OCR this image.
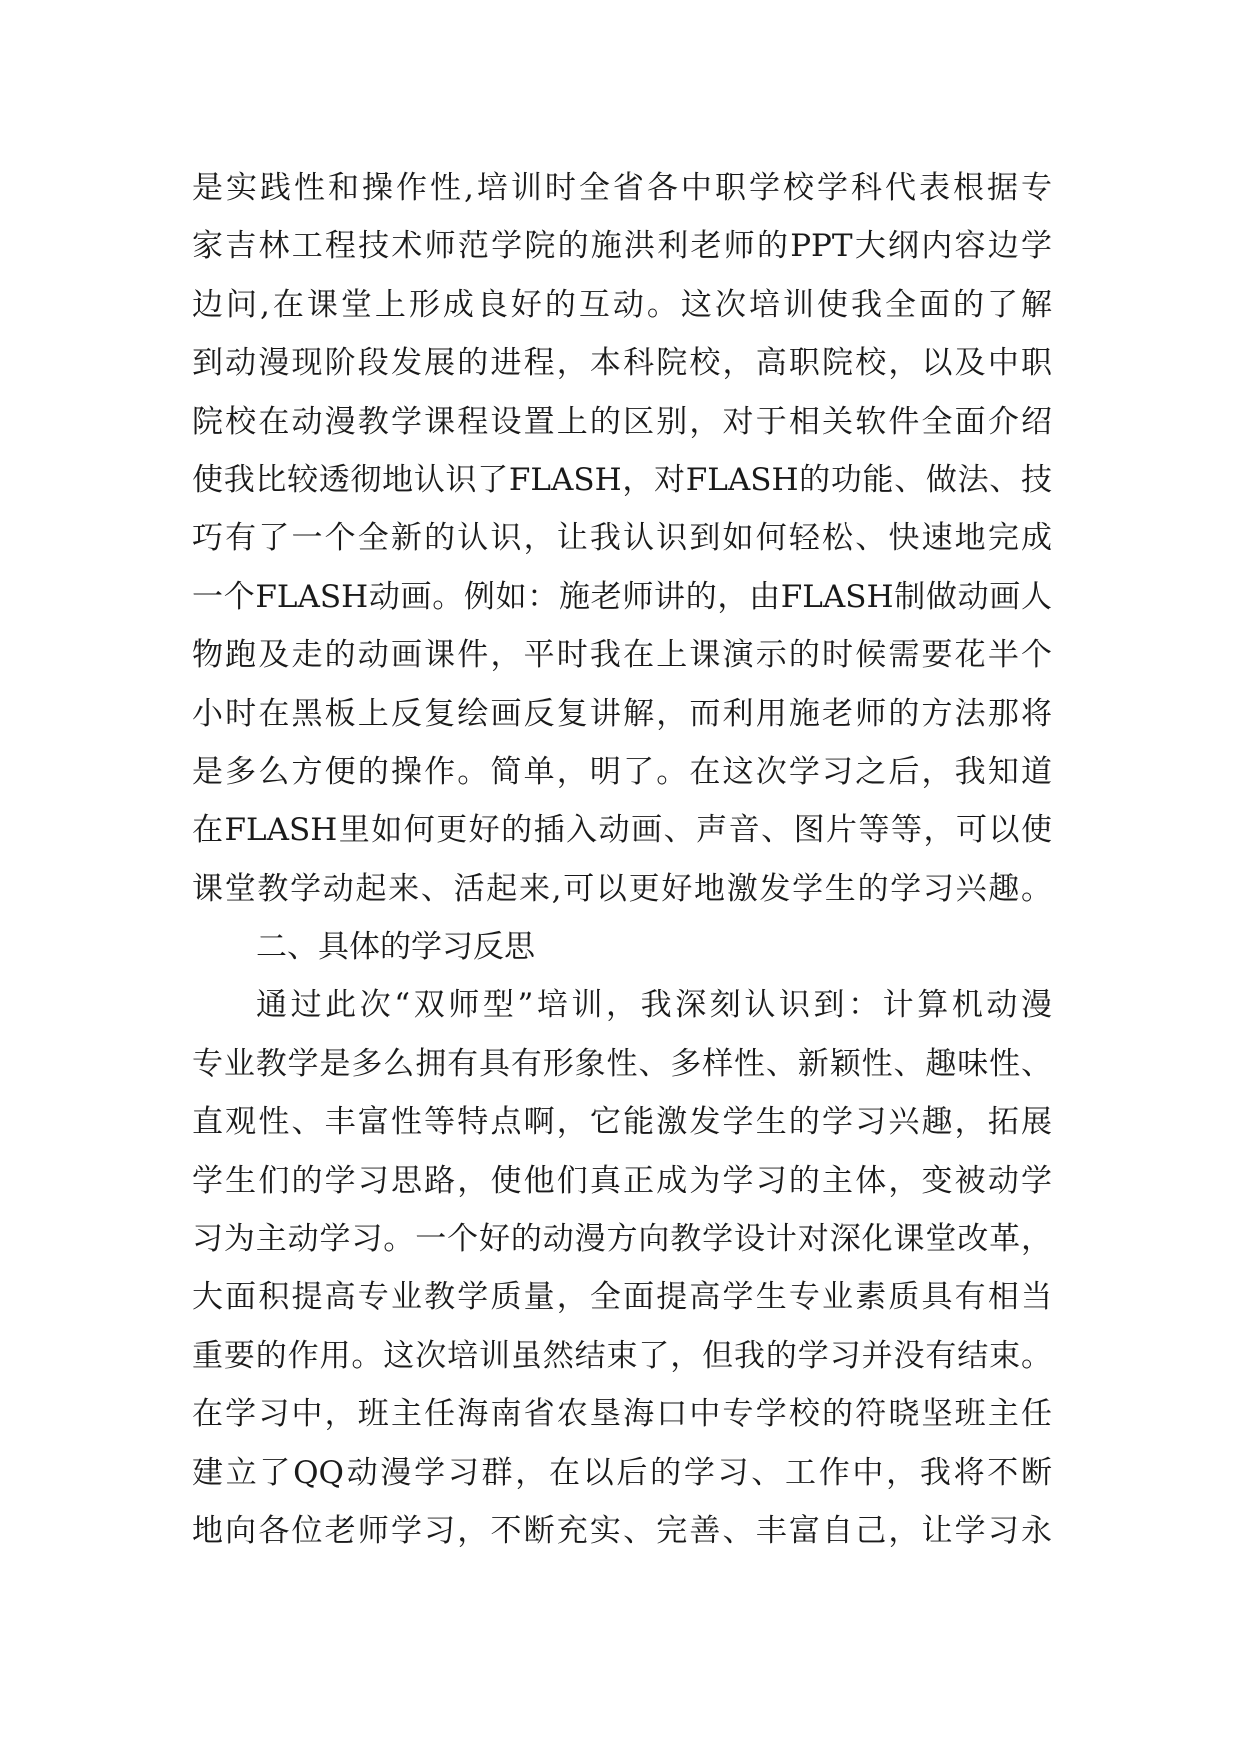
是实践性和操作性,培训时全省各中职学校学科代表根据专
家吉林工程技术师范学院的施洪利老师的PPT大纲内容边学
边问,在课堂上形成良好的互动。这次培训使我全面的了解
到动漫现阶段发展的进程，本科院校，高职院校，以及中职
院校在动漫教学课程设置上的区别，对于相关软件全面介绍
使我比较透彻地认识了FLASH，对FLASH的功能、做法、技
巧有了一个全新的认识，让我认识到如何轻松、快速地完成
一个FLASH动画。例如：施老师讲的，由FLASH制做动画人
物跑及走的动画课件，平时我在上课演示的时候需要花半个
小时在黑板上反复绘画反复讲解，而利用施老师的方法那将
是多么方便的操作。简单，明了。在这次学习之后，我知道
在FLASH里如何更好的插入动画、声音、图片等等，可以使
课堂教学动起来、活起来,可以更好地激发学生的学习兴趣。
二、具体的学习反思
通过此次“双师型”培训，我深刻认识到：计算机动漫
专业教学是多么拥有具有形象性、多样性、新颖性、趣味性、
直观性、丰富性等特点啊，它能激发学生的学习兴趣，拓展
学生们的学习思路，使他们真正成为学习的主体，变被动学
习为主动学习。一个好的动漫方向教学设计对深化课堂改革，
大面积提高专业教学质量，全面提高学生专业素质具有相当
重要的作用。这次培训虽然结束了，但我的学习并没有结束。
在学习中，班主任海南省农垦海口中专学校的符晓坚班主任
建立了QQ动漫学习群，在以后的学习、工作中，我将不断
地向各位老师学习，不断充实、完善、丰富自己，让学习永
